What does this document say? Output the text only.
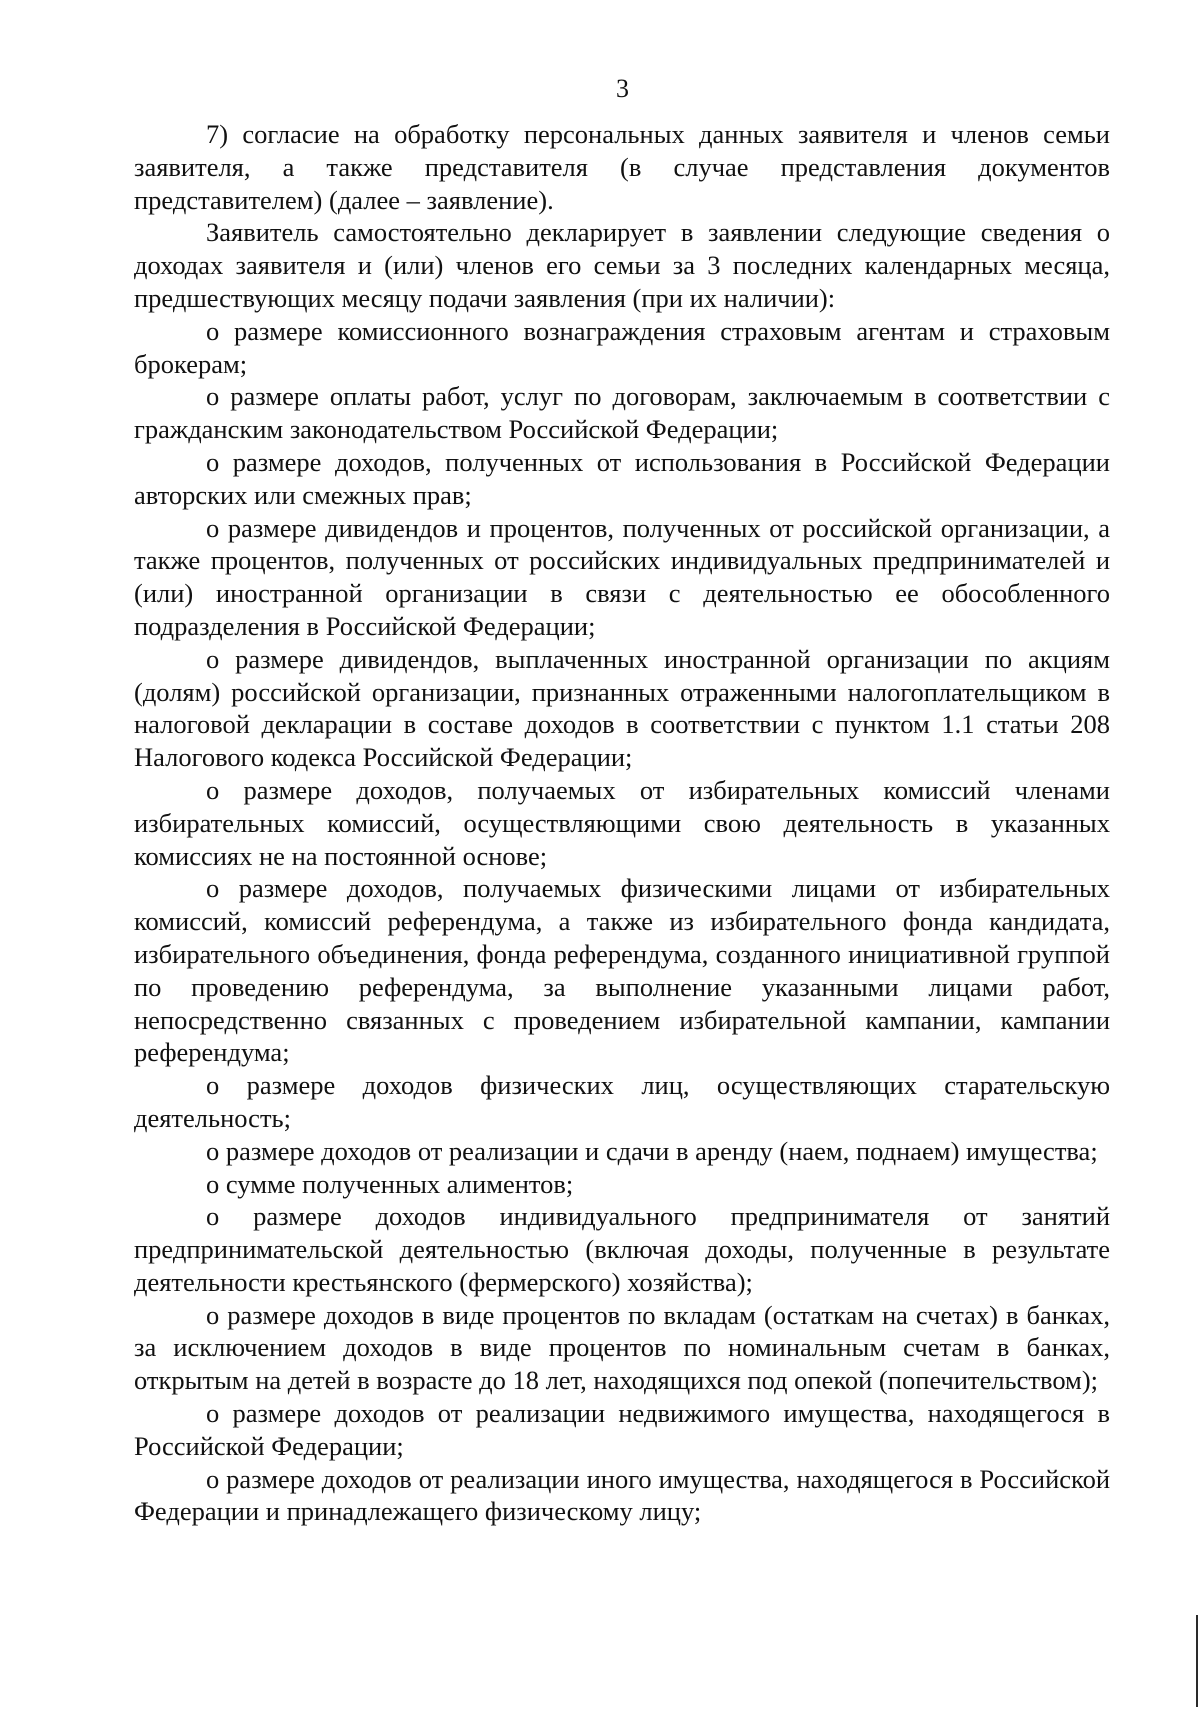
3

7) согласие на обработку персональных данных заявителя и членов семьи заявителя, а также представителя (в случае представления документов представителем) (далее – заявление).

Заявитель самостоятельно декларирует в заявлении следующие сведения о доходах заявителя и (или) членов его семьи за 3 последних календарных месяца, предшествующих месяцу подачи заявления (при их наличии):

о размере комиссионного вознаграждения страховым агентам и страховым брокерам;

о размере оплаты работ, услуг по договорам, заключаемым в соответствии с гражданским законодательством Российской Федерации;

о размере доходов, полученных от использования в Российской Федерации авторских или смежных прав;

о размере дивидендов и процентов, полученных от российской организации, а также процентов, полученных от российских индивидуальных предпринимателей и (или) иностранной организации в связи с деятельностью ее обособленного подразделения в Российской Федерации;

о размере дивидендов, выплаченных иностранной организации по акциям (долям) российской организации, признанных отраженными налогоплательщиком в налоговой декларации в составе доходов в соответствии с пунктом 1.1 статьи 208 Налогового кодекса Российской Федерации;

о размере доходов, получаемых от избирательных комиссий членами избирательных комиссий, осуществляющими свою деятельность в указанных комиссиях не на постоянной основе;

о размере доходов, получаемых физическими лицами от избирательных комиссий, комиссий референдума, а также из избирательного фонда кандидата, избирательного объединения, фонда референдума, созданного инициативной группой по проведению референдума, за выполнение указанными лицами работ, непосредственно связанных с проведением избирательной кампании, кампании референдума;

о размере доходов физических лиц, осуществляющих старательскую деятельность;

о размере доходов от реализации и сдачи в аренду (наем, поднаем) имущества;

о сумме полученных алиментов;

о размере доходов индивидуального предпринимателя от занятий предпринимательской деятельностью (включая доходы, полученные в результате деятельности крестьянского (фермерского) хозяйства);

о размере доходов в виде процентов по вкладам (остаткам на счетах) в банках, за исключением доходов в виде процентов по номинальным счетам в банках, открытым на детей в возрасте до 18 лет, находящихся под опекой (попечительством);

о размере доходов от реализации недвижимого имущества, находящегося в Российской Федерации;

о размере доходов от реализации иного имущества, находящегося в Российской Федерации и принадлежащего физическому лицу;
